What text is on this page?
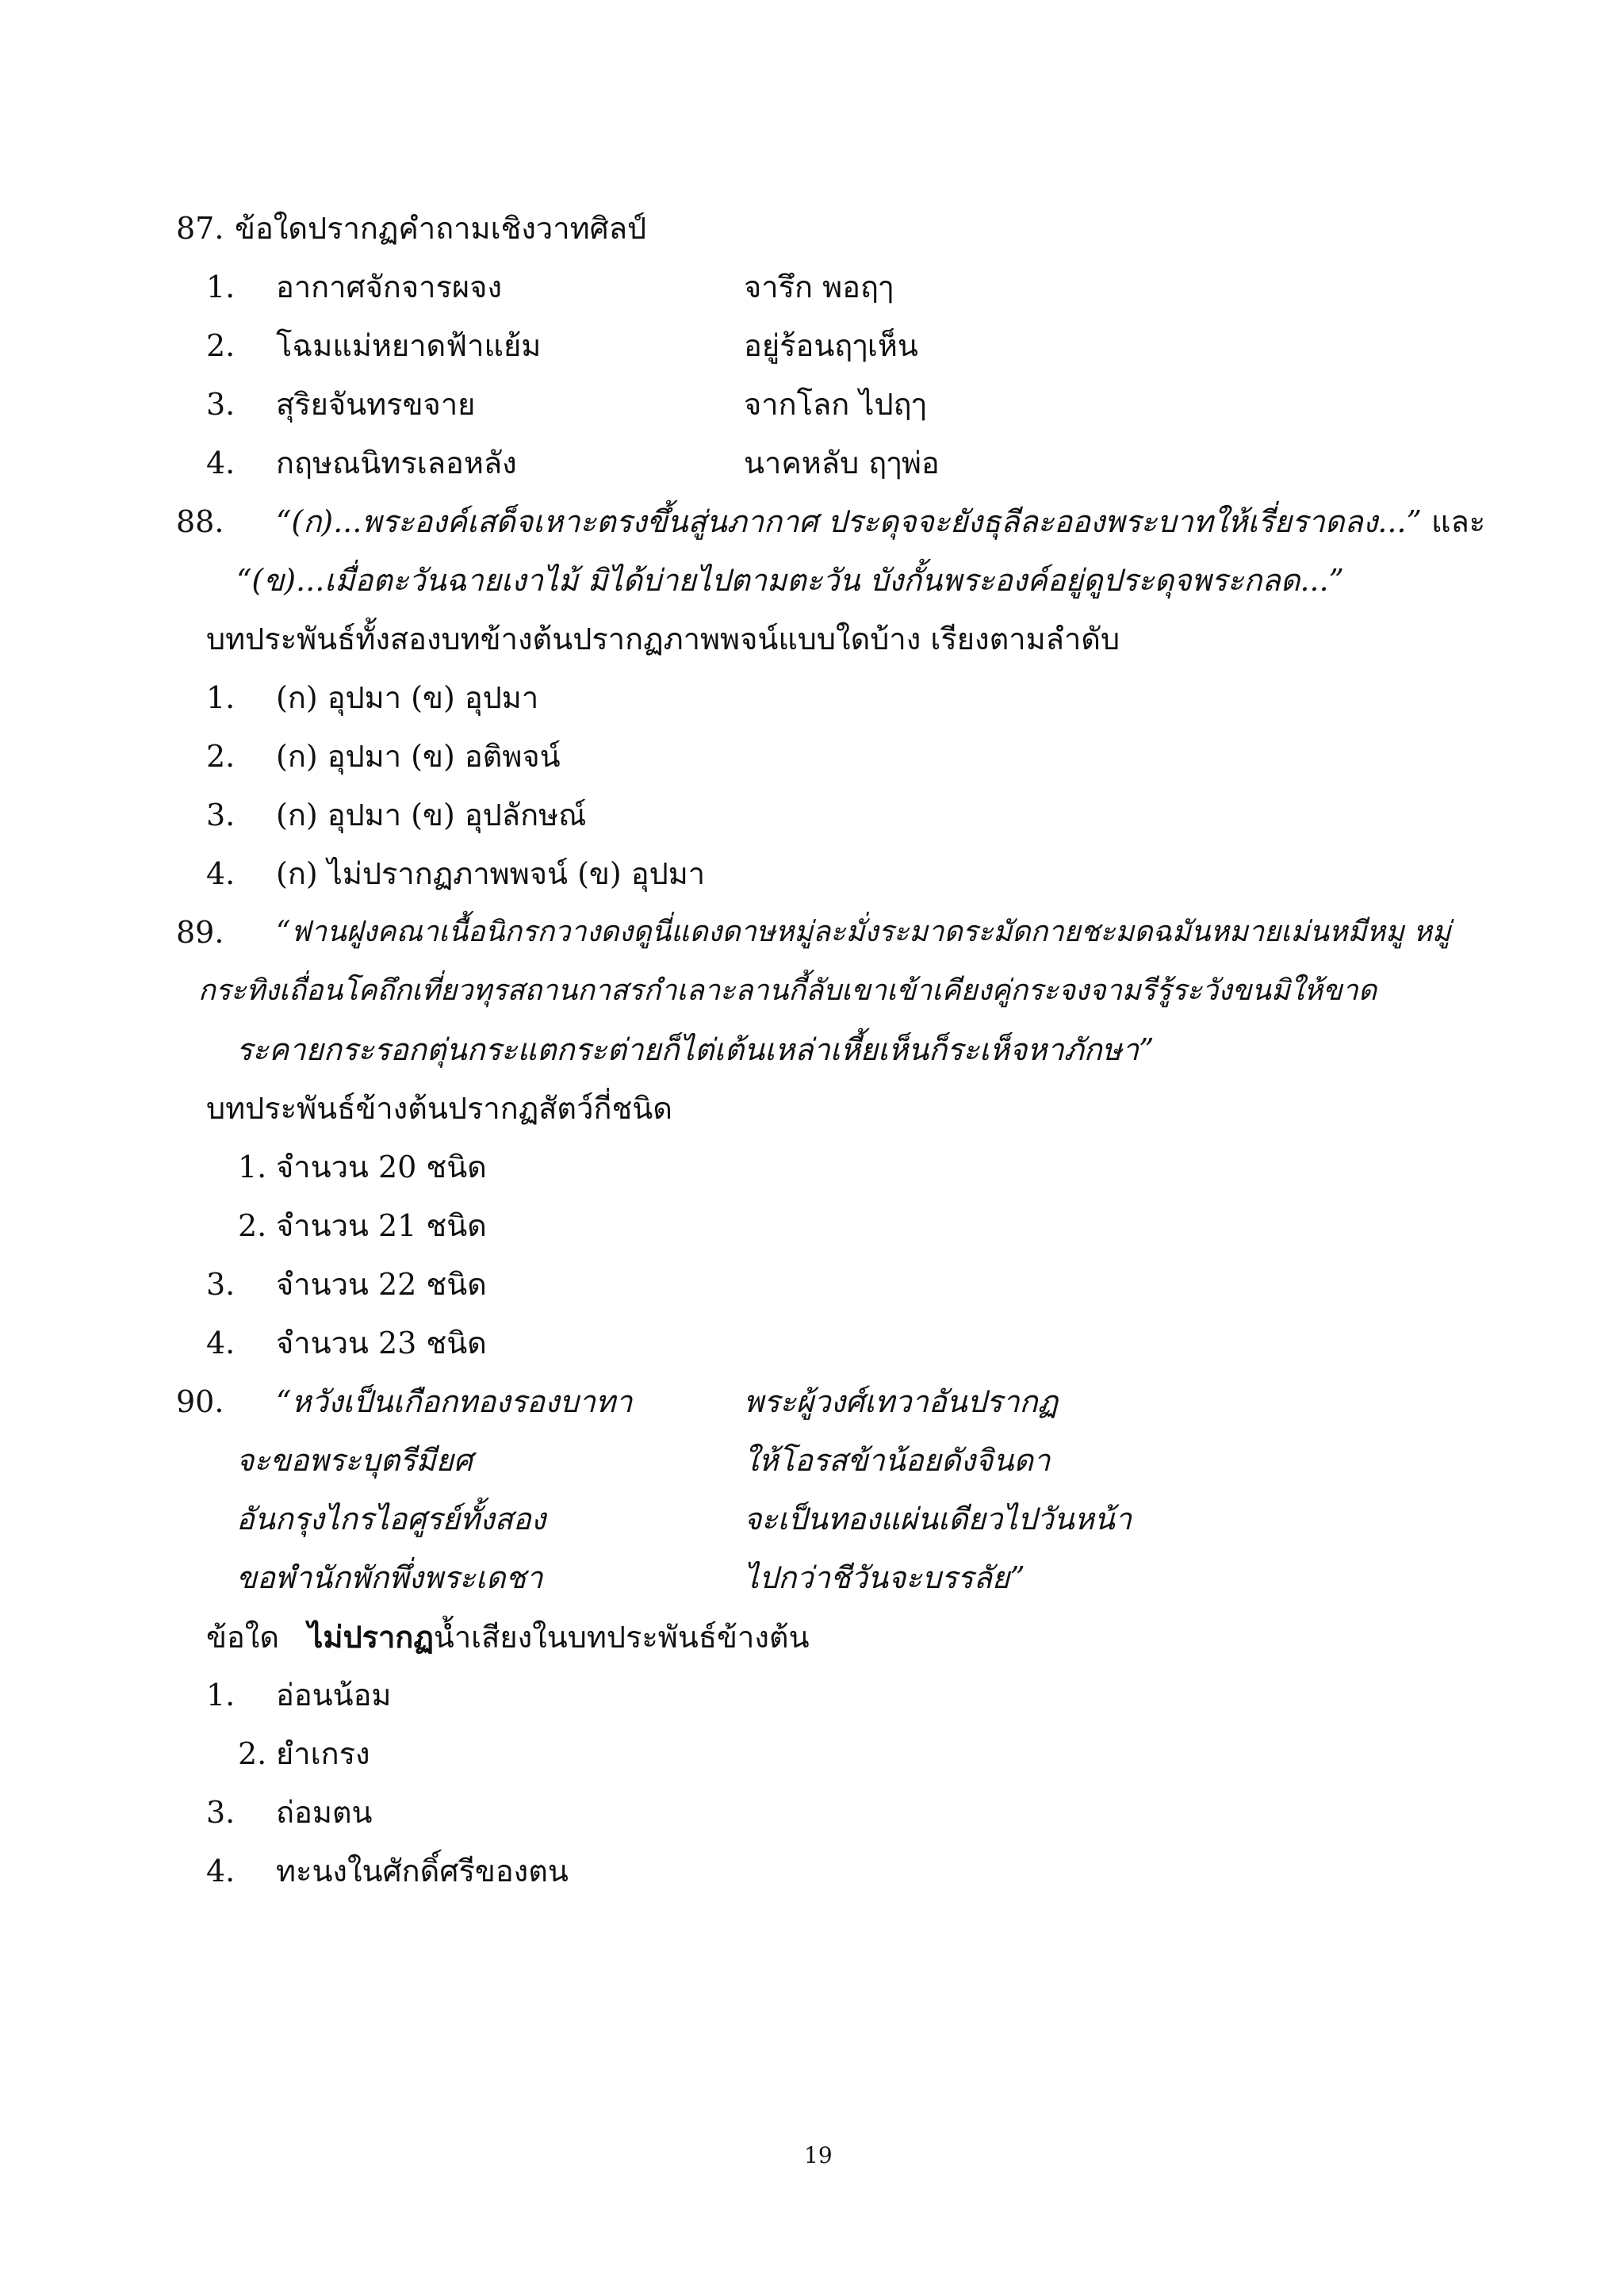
87. ข้อใดปรากฏคำถามเชิงวาทศิลป์
1. อากาศจักจารผจง	จารึก พอฤๅ
2. โฉมแม่หยาดฟ้าแย้ม	อยู่ร้อนฤๅเห็น
3. สุริยจันทรขจาย	จากโลก ไปฤๅ
4. กฤษณนิทรเลอหลัง	นาคหลับ ฤๅพ่อ
88. “(ก)...พระองค์เสด็จเหาะตรงขึ้นสู่นภากาศ ประดุจจะยังธุลีละอองพระบาทให้เรี่ยราดลง...” และ
“(ข)...เมื่อตะวันฉายเงาไม้ มิได้บ่ายไปตามตะวัน บังกั้นพระองค์อยู่ดูประดุจพระกลด...”
บทประพันธ์ทั้งสองบทข้างต้นปรากฏภาพพจน์แบบใดบ้าง เรียงตามลำดับ
1. (ก) อุปมา (ข) อุปมา
2. (ก) อุปมา (ข) อติพจน์
3. (ก) อุปมา (ข) อุปลักษณ์
4. (ก) ไม่ปรากฏภาพพจน์ (ข) อุปมา
89. “ฟานฝูงคณาเนื้อนิกรกวางดงดูนี่แดงดาษหมู่ละมั่งระมาดระมัดกายชะมดฉมันหมายเม่นหมีหมู หมู่
กระทิงเถื่อนโคถึกเที่ยวทุรสถานกาสรกำเลาะลานกี้ลับเขาเข้าเคียงคู่กระจงจามรีรู้ระวังขนมิให้ขาด
ระคายกระรอกตุ่นกระแตกระต่ายก็ไต่เต้นเหล่าเหี้ยเห็นก็ระเห็จหาภักษา”
บทประพันธ์ข้างต้นปรากฏสัตว์กี่ชนิด
1. จำนวน 20 ชนิด
2. จำนวน 21 ชนิด
3. จำนวน 22 ชนิด
4. จำนวน 23 ชนิด
90. “หวังเป็นเกือกทองรองบาทา	พระผู้วงศ์เทวาอันปรากฏ
จะขอพระบุตรีมียศ	ให้โอรสข้าน้อยดังจินดา
อันกรุงไกรไอศูรย์ทั้งสอง	จะเป็นทองแผ่นเดียวไปวันหน้า
ขอพำนักพักพึ่งพระเดชา	ไปกว่าชีวันจะบรรลัย”
ข้อใด ไม่ปรากฏน้ำเสียงในบทประพันธ์ข้างต้น
1. อ่อนน้อม
2. ยำเกรง
3. ถ่อมตน
4. ทะนงในศักดิ์ศรีของตน
19
